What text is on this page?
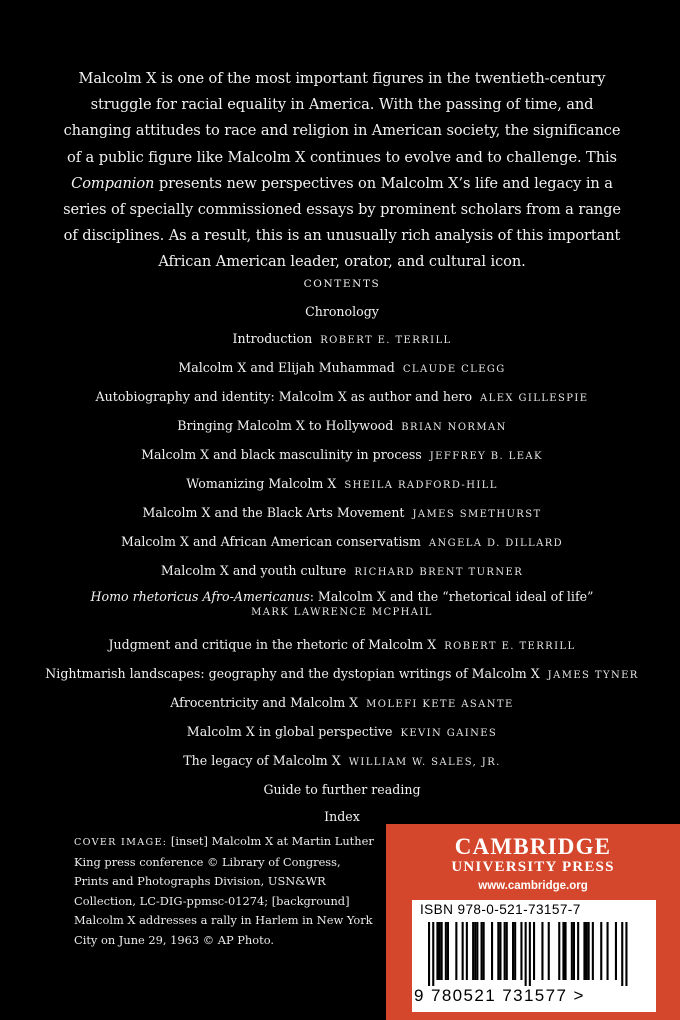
Malcolm X is one of the most important figures in the twentieth-century struggle for racial equality in America. With the passing of time, and changing attitudes to race and religion in American society, the significance of a public figure like Malcolm X continues to evolve and to challenge. This Companion presents new perspectives on Malcolm X’s life and legacy in a series of specially commissioned essays by prominent scholars from a range of disciplines. As a result, this is an unusually rich analysis of this important African American leader, orator, and cultural icon.

CONTENTS
Chronology
Introduction ROBERT E. TERRILL
Malcolm X and Elijah Muhammad CLAUDE CLEGG
Autobiography and identity: Malcolm X as author and hero ALEX GILLESPIE
Bringing Malcolm X to Hollywood BRIAN NORMAN
Malcolm X and black masculinity in process JEFFREY B. LEAK
Womanizing Malcolm X SHEILA RADFORD-HILL
Malcolm X and the Black Arts Movement JAMES SMETHURST
Malcolm X and African American conservatism ANGELA D. DILLARD
Malcolm X and youth culture RICHARD BRENT TURNER
Homo rhetoricus Afro-Americanus: Malcolm X and the “rhetorical ideal of life”
MARK LAWRENCE MCPHAIL
Judgment and critique in the rhetoric of Malcolm X ROBERT E. TERRILL
Nightmarish landscapes: geography and the dystopian writings of Malcolm X JAMES TYNER
Afrocentricity and Malcolm X MOLEFI KETE ASANTE
Malcolm X in global perspective KEVIN GAINES
The legacy of Malcolm X WILLIAM W. SALES, JR.
Guide to further reading
Index
COVER IMAGE: [inset] Malcolm X at Martin Luther King press conference © Library of Congress, Prints and Photographs Division, USN&WR Collection, LC-DIG-ppmsc-01274; [background] Malcolm X addresses a rally in Harlem in New York City on June 29, 1963 © AP Photo.
CAMBRIDGE
UNIVERSITY PRESS
www.cambridge.org
ISBN 978-0-521-73157-7
9 780521 731577 >
